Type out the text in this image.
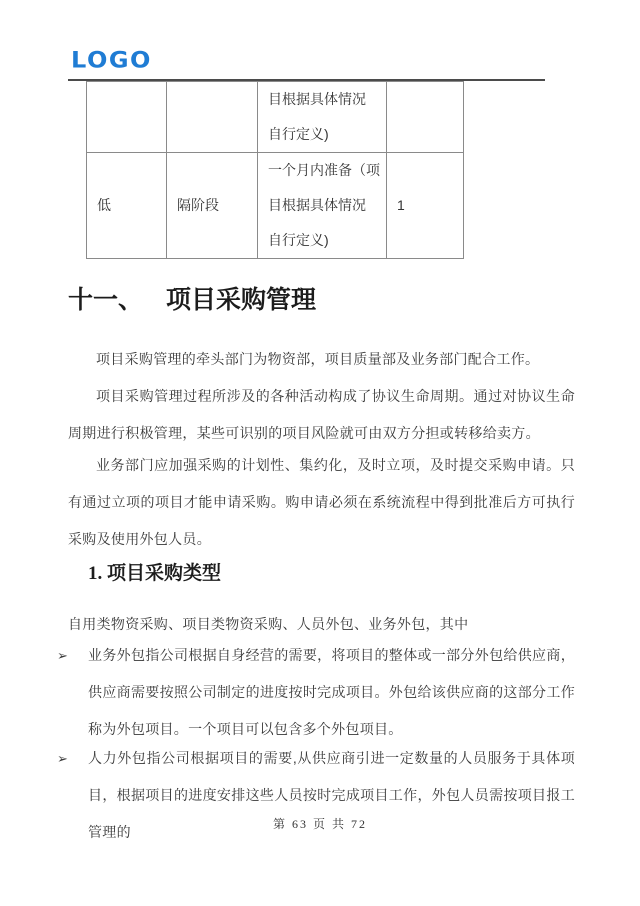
LOGO

		目根据具体情况
自行定义)	

低	隔阶段	一个月内准备（项
目根据具体情况
自行定义)	1
十一、 项目采购管理
项目采购管理的牵头部门为物资部，项目质量部及业务部门配合工作。
项目采购管理过程所涉及的各种活动构成了协议生命周期。通过对协议生命周期进行积极管理，某些可识别的项目风险就可由双方分担或转移给卖方。
业务部门应加强采购的计划性、集约化，及时立项，及时提交采购申请。只有通过立项的项目才能申请采购。购申请必须在系统流程中得到批准后方可执行采购及使用外包人员。
1. 项目采购类型
自用类物资采购、项目类物资采购、人员外包、业务外包，其中
➢	业务外包指公司根据自身经营的需要，将项目的整体或一部分外包给供应商，供应商需要按照公司制定的进度按时完成项目。外包给该供应商的这部分工作称为外包项目。一个项目可以包含多个外包项目。
➢	人力外包指公司根据项目的需要,从供应商引进一定数量的人员服务于具体项目，根据项目的进度安排这些人员按时完成项目工作，外包人员需按项目报工管理的	第 63 页 共 72
